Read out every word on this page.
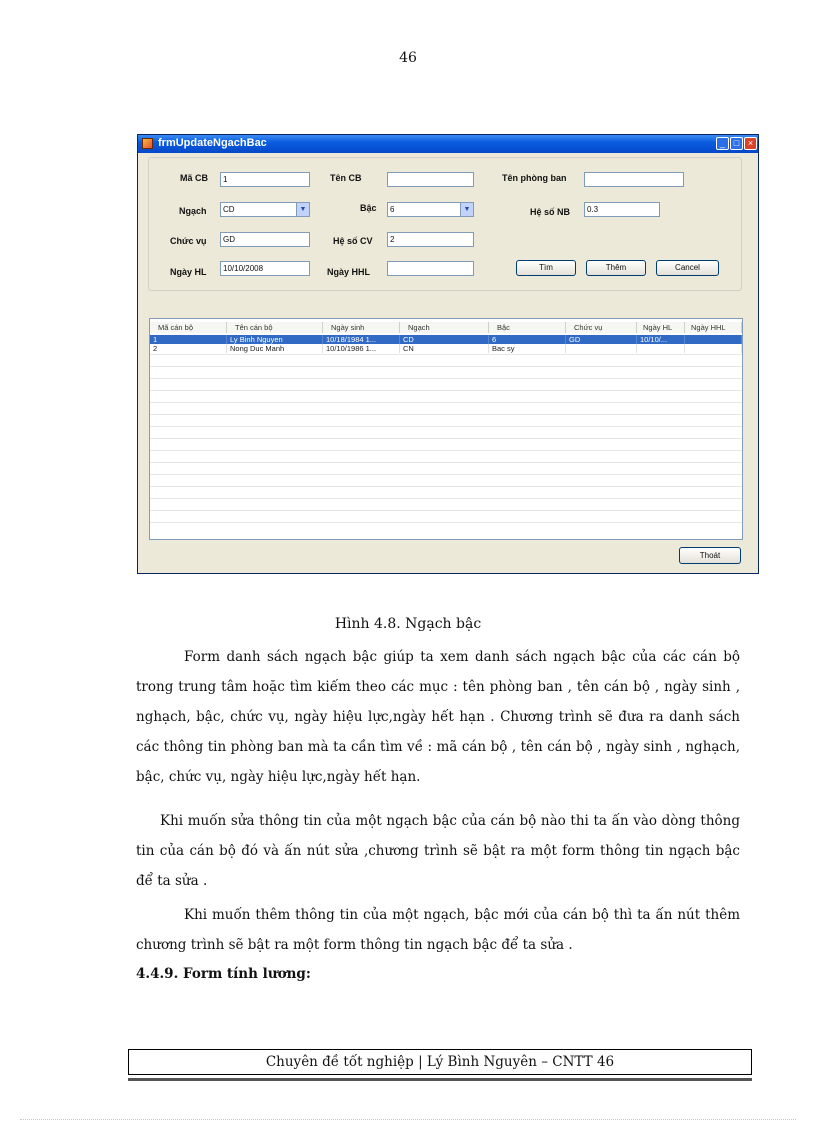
46
frmUpdateNgachBac	_ □ ×
Mã CB	1	Tên CB	Tên phòng ban
Ngạch	CD	▼	Bậc	6	▼	Hệ số NB	0.3
Chức vụ	GD	Hệ số CV	2
Ngày HL	10/10/2008	Ngày HHL	Tìm	Thêm	Cancel
Mã cán bộ	Tên cán bộ	Ngày sinh	Ngạch	Bậc	Chức vụ	Ngày HL	Ngày HHL
1	Ly Binh Nguyen	10/18/1984 1...	CD	6	GD	10/10/...
2	Nong Duc Manh	10/10/1986 1...	CN	Bac sy
Thoát
Hình 4.8. Ngạch bậc

Form danh sách ngạch bậc giúp ta xem danh sách ngạch bậc của các cán bộ trong trung tâm hoặc tìm kiếm theo các mục : tên phòng ban , tên cán bộ , ngày sinh , nghạch, bậc, chức vụ, ngày hiệu lực,ngày hết hạn . Chương trình sẽ đưa ra danh sách các thông tin phòng ban mà ta cần tìm về : mã cán bộ , tên cán bộ , ngày sinh , nghạch, bậc, chức vụ, ngày hiệu lực,ngày hết hạn.

Khi muốn sửa thông tin của một ngạch bậc của cán bộ nào thi ta ấn vào dòng thông tin của cán bộ đó và ấn nút sửa ,chương trình sẽ bật ra một form thông tin ngạch bậc để ta sửa .

Khi muốn thêm thông tin của một ngạch, bậc mới của cán bộ thì ta ấn nút thêm chương trình sẽ bật ra một form thông tin ngạch bậc để ta sửa .

4.4.9. Form tính lương:
Chuyên đề tốt nghiệp | Lý Bình Nguyên – CNTT 46
